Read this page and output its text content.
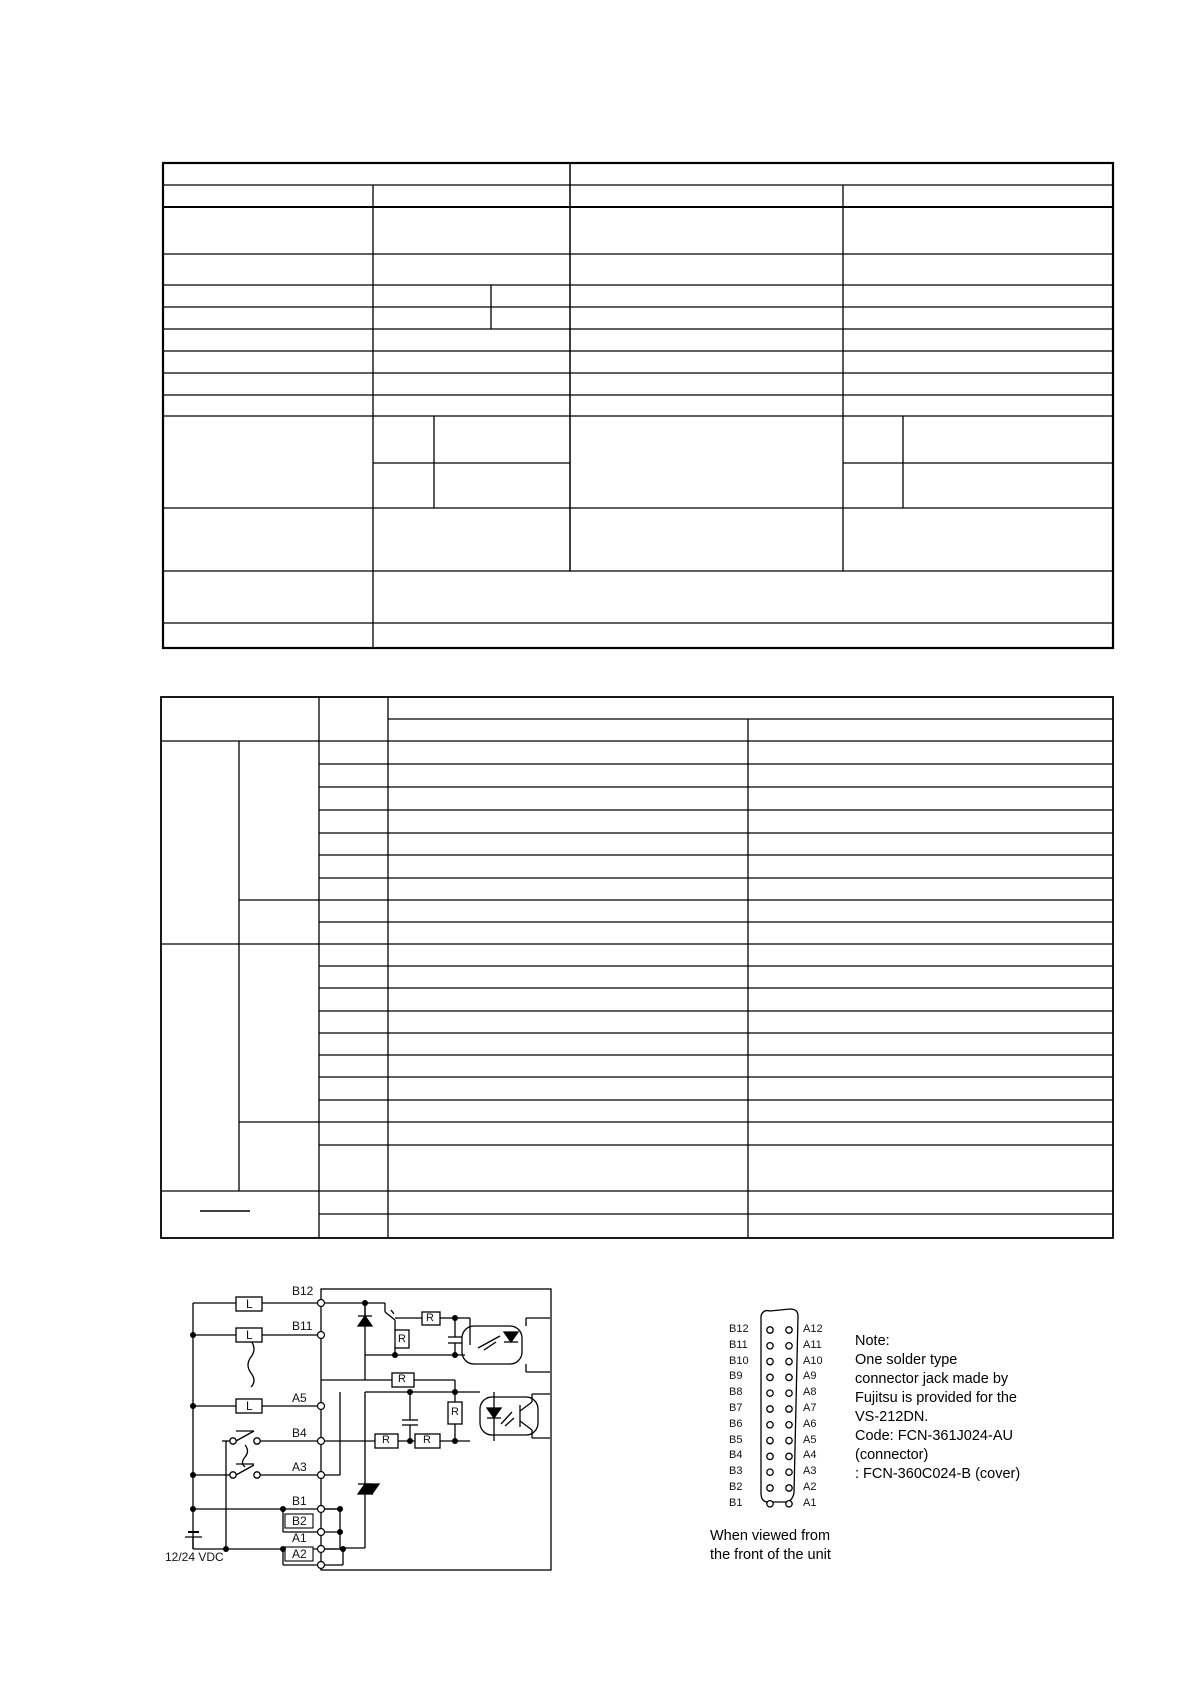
L
L
L
R
R
R
R
R	R
B12
B11
A5
B4
A3
B1
B2
A1
A2
12/24 VDC
B12
B11
B10
B9
B8
B7
B6
B5
B4
B3
B2
B1
A12
A11
A10
A9
A8
A7
A6
A5
A4
A3
A2
A1
When viewed from
the front of the unit
Note:
One solder type
connector jack made by
Fujitsu is provided for the
VS-212DN.
Code: FCN-361J024-AU
(connector)
: FCN-360C024-B (cover)
